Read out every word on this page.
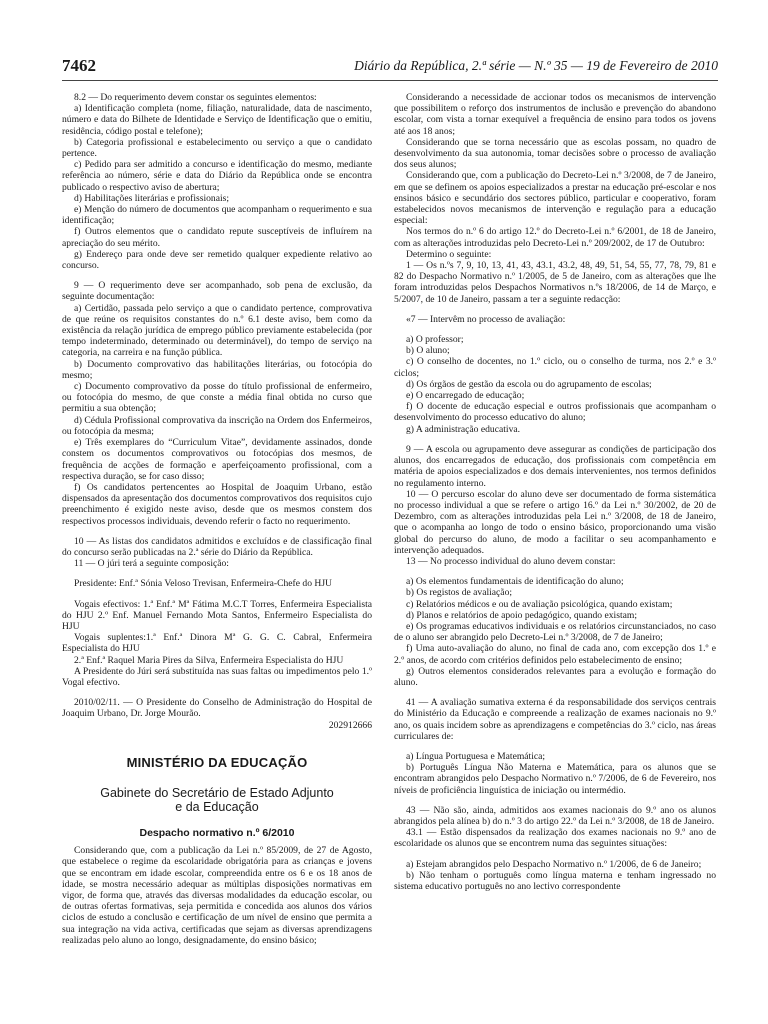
7462	Diário da República, 2.ª série — N.º 35 — 19 de Fevereiro de 2010

8.2 — Do requerimento devem constar os seguintes elementos:

a) Identificação completa (nome, filiação, naturalidade, data de nascimento, número e data do Bilhete de Identidade e Serviço de Identificação que o emitiu, residência, código postal e telefone);

b) Categoria profissional e estabelecimento ou serviço a que o candidato pertence.

c) Pedido para ser admitido a concurso e identificação do mesmo, mediante referência ao número, série e data do Diário da República onde se encontra publicado o respectivo aviso de abertura;

d) Habilitações literárias e profissionais;

e) Menção do número de documentos que acompanham o requerimento e sua identificação;

f) Outros elementos que o candidato repute susceptíveis de influírem na apreciação do seu mérito.

g) Endereço para onde deve ser remetido qualquer expediente relativo ao concurso.

9 — O requerimento deve ser acompanhado, sob pena de exclusão, da seguinte documentação:

a) Certidão, passada pelo serviço a que o candidato pertence, comprovativa de que reúne os requisitos constantes do n.º 6.1 deste aviso, bem como da existência da relação jurídica de emprego público previamente estabelecida (por tempo indeterminado, determinado ou determinável), do tempo de serviço na categoria, na carreira e na função pública.

b) Documento comprovativo das habilitações literárias, ou fotocópia do mesmo;

c) Documento comprovativo da posse do título profissional de enfermeiro, ou fotocópia do mesmo, de que conste a média final obtida no curso que permitiu a sua obtenção;

d) Cédula Profissional comprovativa da inscrição na Ordem dos Enfermeiros, ou fotocópia da mesma;

e) Três exemplares do “Curriculum Vitae”, devidamente assinados, donde constem os documentos comprovativos ou fotocópias dos mesmos, de frequência de acções de formação e aperfeiçoamento profissional, com a respectiva duração, se for caso disso;

f) Os candidatos pertencentes ao Hospital de Joaquim Urbano, estão dispensados da apresentação dos documentos comprovativos dos requisitos cujo preenchimento é exigido neste aviso, desde que os mesmos constem dos respectivos processos individuais, devendo referir o facto no requerimento.

10 — As listas dos candidatos admitidos e excluídos e de classificação final do concurso serão publicadas na 2.ª série do Diário da República.

11 — O júri terá a seguinte composição:

Presidente: Enf.ª Sónia Veloso Trevisan, Enfermeira-Chefe do HJU

Vogais efectivos: 1.ª Enf.ª Mª Fátima M.C.T Torres, Enfermeira Especialista do HJU 2.º Enf. Manuel Fernando Mota Santos, Enfermeiro Especialista do HJU

Vogais suplentes:1.ª Enf.ª Dinora Mª G. G. C. Cabral, Enfermeira Especialista do HJU

2.ª Enf.ª Raquel Maria Pires da Silva, Enfermeira Especialista do HJU

A Presidente do Júri será substituída nas suas faltas ou impedimentos pelo 1.º Vogal efectivo.

2010/02/11. — O Presidente do Conselho de Administração do Hospital de Joaquim Urbano, Dr. Jorge Mourão.

202912666
MINISTÉRIO DA EDUCAÇÃO
Gabinete do Secretário de Estado Adjunto
e da Educação
Despacho normativo n.º 6/2010

Considerando que, com a publicação da Lei n.º 85/2009, de 27 de Agosto, que estabelece o regime da escolaridade obrigatória para as crianças e jovens que se encontram em idade escolar, compreendida entre os 6 e os 18 anos de idade, se mostra necessário adequar as múltiplas disposições normativas em vigor, de forma que, através das diversas modalidades da educação escolar, ou de outras ofertas formativas, seja permitida e concedida aos alunos dos vários ciclos de estudo a conclusão e certificação de um nível de ensino que permita a sua integração na vida activa, certificadas que sejam as diversas aprendizagens realizadas pelo aluno ao longo, designadamente, do ensino básico;

Considerando a necessidade de accionar todos os mecanismos de intervenção que possibilitem o reforço dos instrumentos de inclusão e prevenção do abandono escolar, com vista a tornar exequível a frequência de ensino para todos os jovens até aos 18 anos;

Considerando que se torna necessário que as escolas possam, no quadro de desenvolvimento da sua autonomia, tomar decisões sobre o processo de avaliação dos seus alunos;

Considerando que, com a publicação do Decreto-Lei n.º 3/2008, de 7 de Janeiro, em que se definem os apoios especializados a prestar na educação pré-escolar e nos ensinos básico e secundário dos sectores público, particular e cooperativo, foram estabelecidos novos mecanismos de intervenção e regulação para a educação especial:

Nos termos do n.º 6 do artigo 12.º do Decreto-Lei n.º 6/2001, de 18 de Janeiro, com as alterações introduzidas pelo Decreto-Lei n.º 209/2002, de 17 de Outubro:

Determino o seguinte:

1 — Os n.ºs 7, 9, 10, 13, 41, 43, 43.1, 43.2, 48, 49, 51, 54, 55, 77, 78, 79, 81 e 82 do Despacho Normativo n.º 1/2005, de 5 de Janeiro, com as alterações que lhe foram introduzidas pelos Despachos Normativos n.ºs 18/2006, de 14 de Março, e 5/2007, de 10 de Janeiro, passam a ter a seguinte redacção:

«7 — Intervêm no processo de avaliação:

a) O professor;

b) O aluno;

c) O conselho de docentes, no 1.º ciclo, ou o conselho de turma, nos 2.º e 3.º ciclos;

d) Os órgãos de gestão da escola ou do agrupamento de escolas;

e) O encarregado de educação;

f) O docente de educação especial e outros profissionais que acompanham o desenvolvimento do processo educativo do aluno;

g) A administração educativa.

9 — A escola ou agrupamento deve assegurar as condições de participação dos alunos, dos encarregados de educação, dos profissionais com competência em matéria de apoios especializados e dos demais intervenientes, nos termos definidos no regulamento interno.

10 — O percurso escolar do aluno deve ser documentado de forma sistemática no processo individual a que se refere o artigo 16.º da Lei n.º 30/2002, de 20 de Dezembro, com as alterações introduzidas pela Lei n.º 3/2008, de 18 de Janeiro, que o acompanha ao longo de todo o ensino básico, proporcionando uma visão global do percurso do aluno, de modo a facilitar o seu acompanhamento e intervenção adequados.

13 — No processo individual do aluno devem constar:

a) Os elementos fundamentais de identificação do aluno;

b) Os registos de avaliação;

c) Relatórios médicos e ou de avaliação psicológica, quando existam;

d) Planos e relatórios de apoio pedagógico, quando existam;

e) Os programas educativos individuais e os relatórios circunstanciados, no caso de o aluno ser abrangido pelo Decreto-Lei n.º 3/2008, de 7 de Janeiro;

f) Uma auto-avaliação do aluno, no final de cada ano, com excepção dos 1.º e 2.º anos, de acordo com critérios definidos pelo estabelecimento de ensino;

g) Outros elementos considerados relevantes para a evolução e formação do aluno.

41 — A avaliação sumativa externa é da responsabilidade dos serviços centrais do Ministério da Educação e compreende a realização de exames nacionais no 9.º ano, os quais incidem sobre as aprendizagens e competências do 3.º ciclo, nas áreas curriculares de:

a) Língua Portuguesa e Matemática;

b) Português Língua Não Materna e Matemática, para os alunos que se encontram abrangidos pelo Despacho Normativo n.º 7/2006, de 6 de Fevereiro, nos níveis de proficiência linguística de iniciação ou intermédio.

43 — Não são, ainda, admitidos aos exames nacionais do 9.º ano os alunos abrangidos pela alínea b) do n.º 3 do artigo 22.º da Lei n.º 3/2008, de 18 de Janeiro.

43.1 — Estão dispensados da realização dos exames nacionais no 9.º ano de escolaridade os alunos que se encontrem numa das seguintes situações:

a) Estejam abrangidos pelo Despacho Normativo n.º 1/2006, de 6 de Janeiro;

b) Não tenham o português como língua materna e tenham ingressado no sistema educativo português no ano lectivo correspondente
